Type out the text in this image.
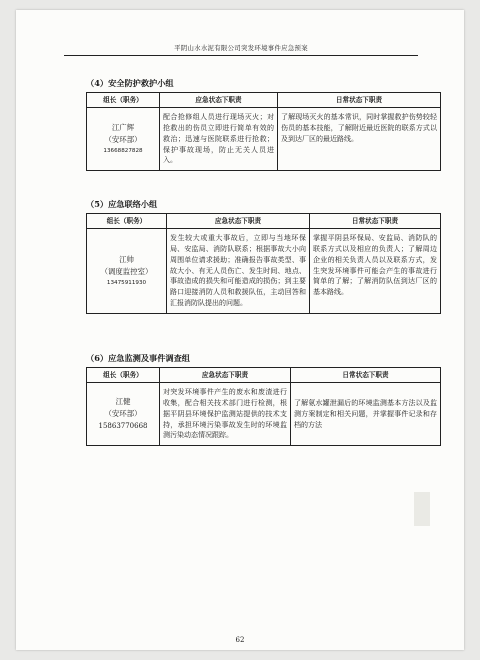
平阴山水水泥有限公司突发环境事件应急预案
（4）安全防护救护小组
组长（职务）	应急状态下职责	日常状态下职责

江广辉
（安环部）
13668827828	配合抢修组人员进行现场灭火；对抢救出的伤员立即进行简单有效的救治；迅速与医院联系进行抢救；保护事故现场，防止无关人员进入。	了解现场灭火的基本常识，同时掌握救护伤势较轻伤员的基本技能，了解附近最近医院的联系方式以及到达厂区的最近路线。
（5）应急联络小组
组长（职务）	应急状态下职责	日常状态下职责

江帅
（调度监控室）
13475911930	发生较大或重大事故后，立即与当地环保局、安监局、消防队联系；根据事故大小向周围单位请求援助；准确报告事故类型、事故大小、有无人员伤亡、发生时间、地点、事故造成的损失和可能造成的损伤；到主要路口迎接消防人员和救援队伍，主动回答和汇报消防队提出的问题。	掌握平阴县环保局、安监局、消防队的联系方式以及相应的负责人；了解周边企业的相关负责人员以及联系方式，发生突发环境事件可能会产生的事故进行简单的了解；了解消防队伍到达厂区的基本路线。
（6）应急监测及事件调查组
组长（职务）	应急状态下职责	日常状态下职责

江健
（安环部）
15863770668	对突发环境事件产生的废水和废渣进行收集，配合相关技术部门进行检测，根据平阴县环境保护监测站提供的技术支持，承担环境污染事故发生时的环境监测污染动态情况跟踪。	了解氨水罐泄漏后的环境监测基本方法以及监测方案制定和相关问题，并掌握事件记录和存档的方法
62
